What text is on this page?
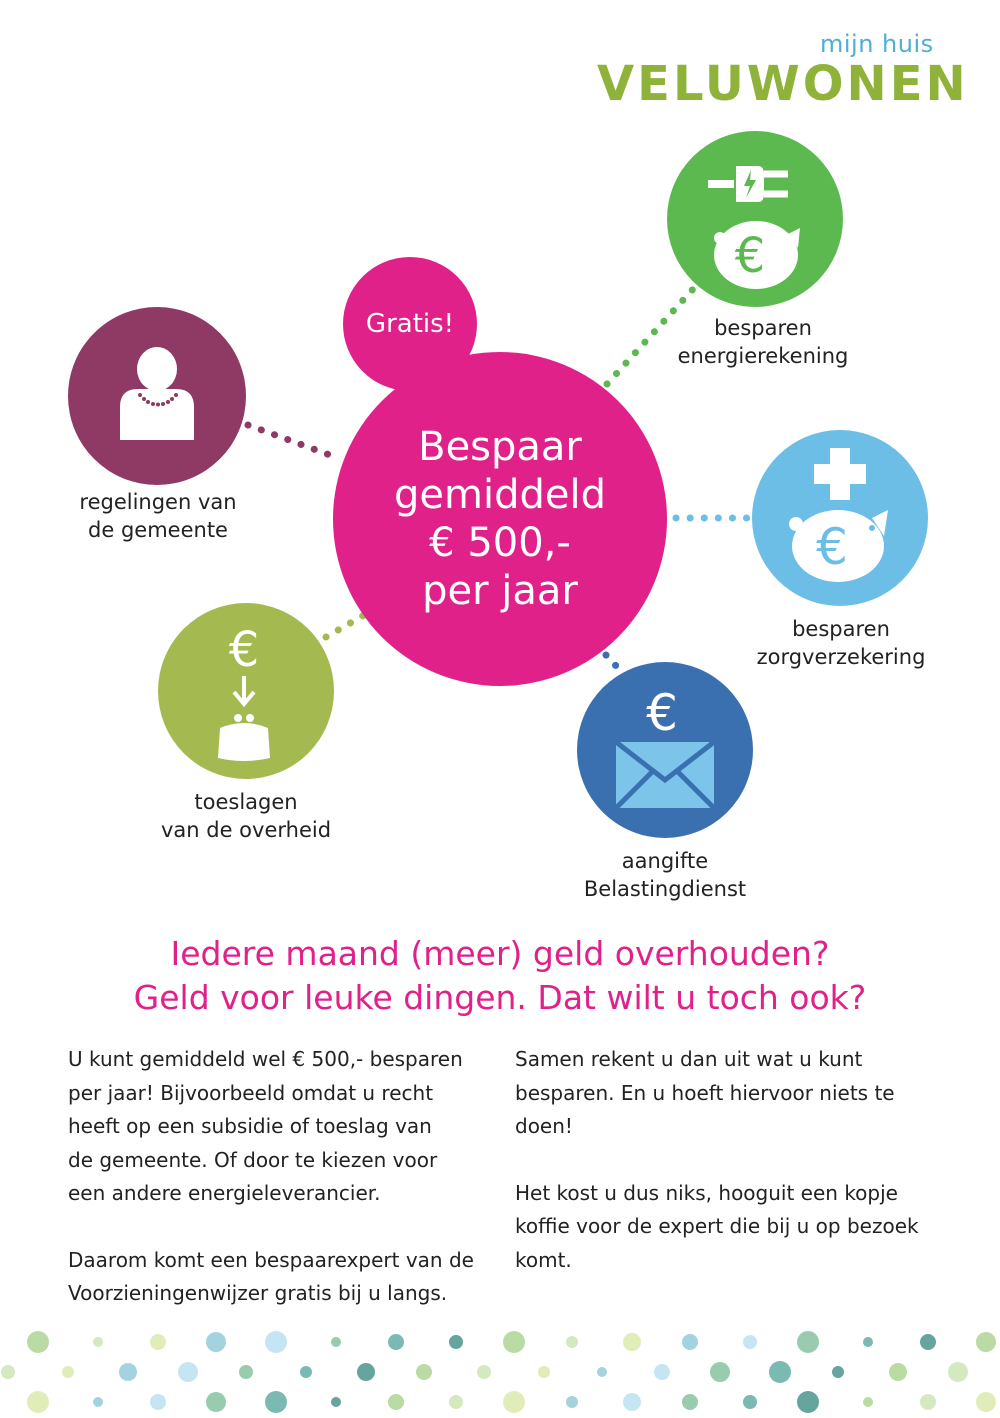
mijn huis
VELUWONEN
Bespaar
gemiddeld
€ 500,-
per jaar
Gratis!
regelingen van
de gemeente
€
besparen
energierekening
€
besparen
zorgverzekering
€
aangifte
Belastingdienst
€
toeslagen
van de overheid
Iedere maand (meer) geld overhouden?
Geld voor leuke dingen. Dat wilt u toch ook?

U kunt gemiddeld wel € 500,- besparen
per jaar! Bijvoorbeeld omdat u recht
heeft op een subsidie of toeslag van
de gemeente. Of door te kiezen voor
een andere energieleverancier.

Daarom komt een bespaarexpert van de
Voorzieningenwijzer gratis bij u langs.

Samen rekent u dan uit wat u kunt
besparen. En u hoeft hiervoor niets te
doen!

Het kost u dus niks, hooguit een kopje
koffie voor de expert die bij u op bezoek
komt.
